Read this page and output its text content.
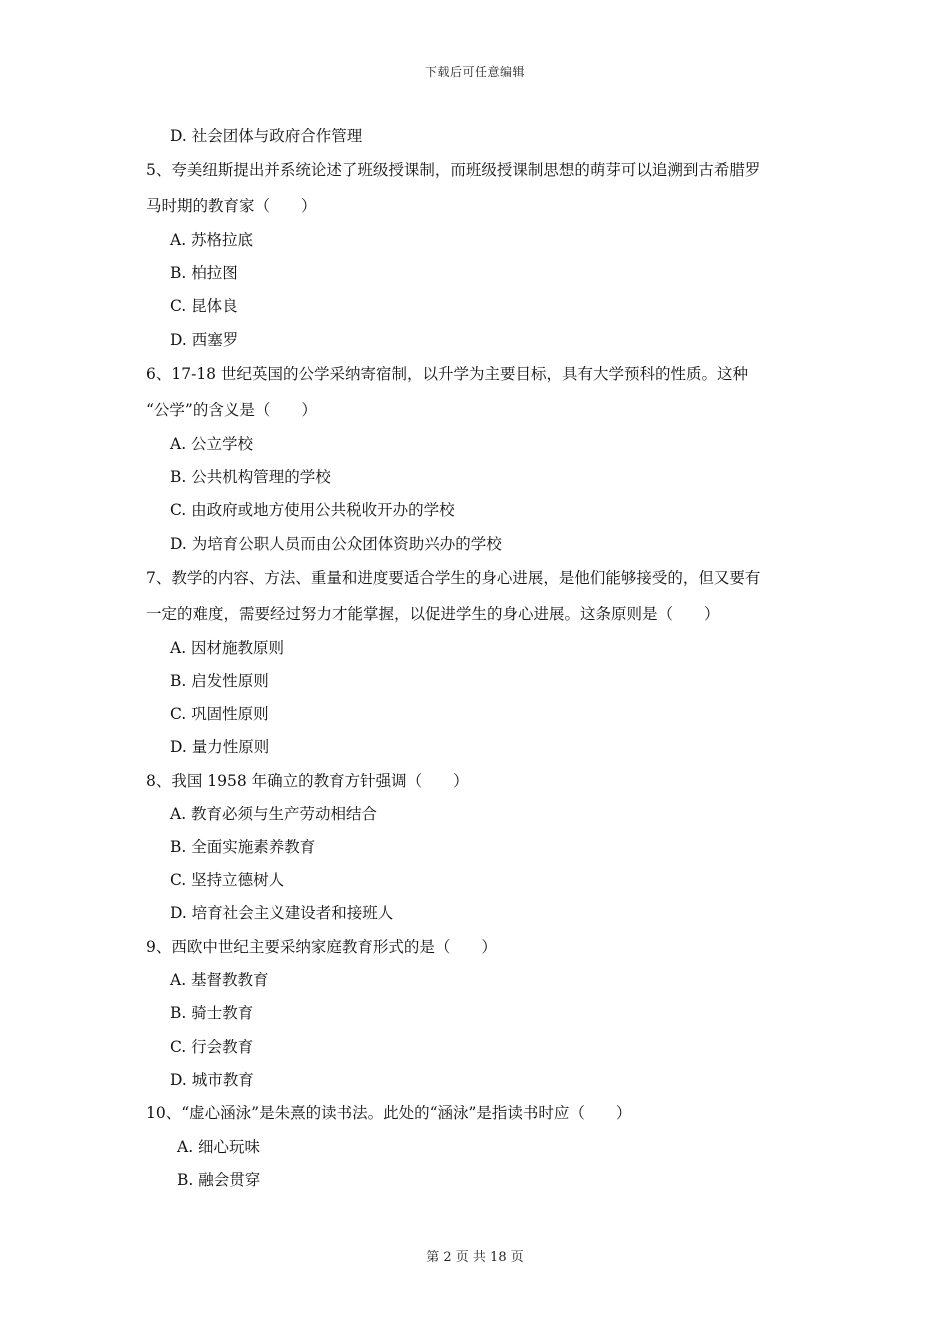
下载后可任意编辑
D. 社会团体与政府合作管理
5、夸美纽斯提出并系统论述了班级授课制，而班级授课制思想的萌芽可以追溯到古希腊罗
马时期的教育家（　　）
A. 苏格拉底
B. 柏拉图
C. 昆体良
D. 西塞罗
6、17-18 世纪英国的公学采纳寄宿制，以升学为主要目标，具有大学预科的性质。这种
“公学”的含义是（　　）
A. 公立学校
B. 公共机构管理的学校
C. 由政府或地方使用公共税收开办的学校
D. 为培育公职人员而由公众团体资助兴办的学校
7、教学的内容、方法、重量和进度要适合学生的身心进展，是他们能够接受的，但又要有
一定的难度，需要经过努力才能掌握，以促进学生的身心进展。这条原则是（　　）
A. 因材施教原则
B. 启发性原则
C. 巩固性原则
D. 量力性原则
8、我国 1958 年确立的教育方针强调（　　）
A. 教育必须与生产劳动相结合
B. 全面实施素养教育
C. 坚持立德树人
D. 培育社会主义建设者和接班人
9、西欧中世纪主要采纳家庭教育形式的是（　　）
A. 基督教教育
B. 骑士教育
C. 行会教育
D. 城市教育
10、“虚心涵泳”是朱熹的读书法。此处的“涵泳”是指读书时应（　　）
A. 细心玩味
B. 融会贯穿
第 2 页 共 18 页
